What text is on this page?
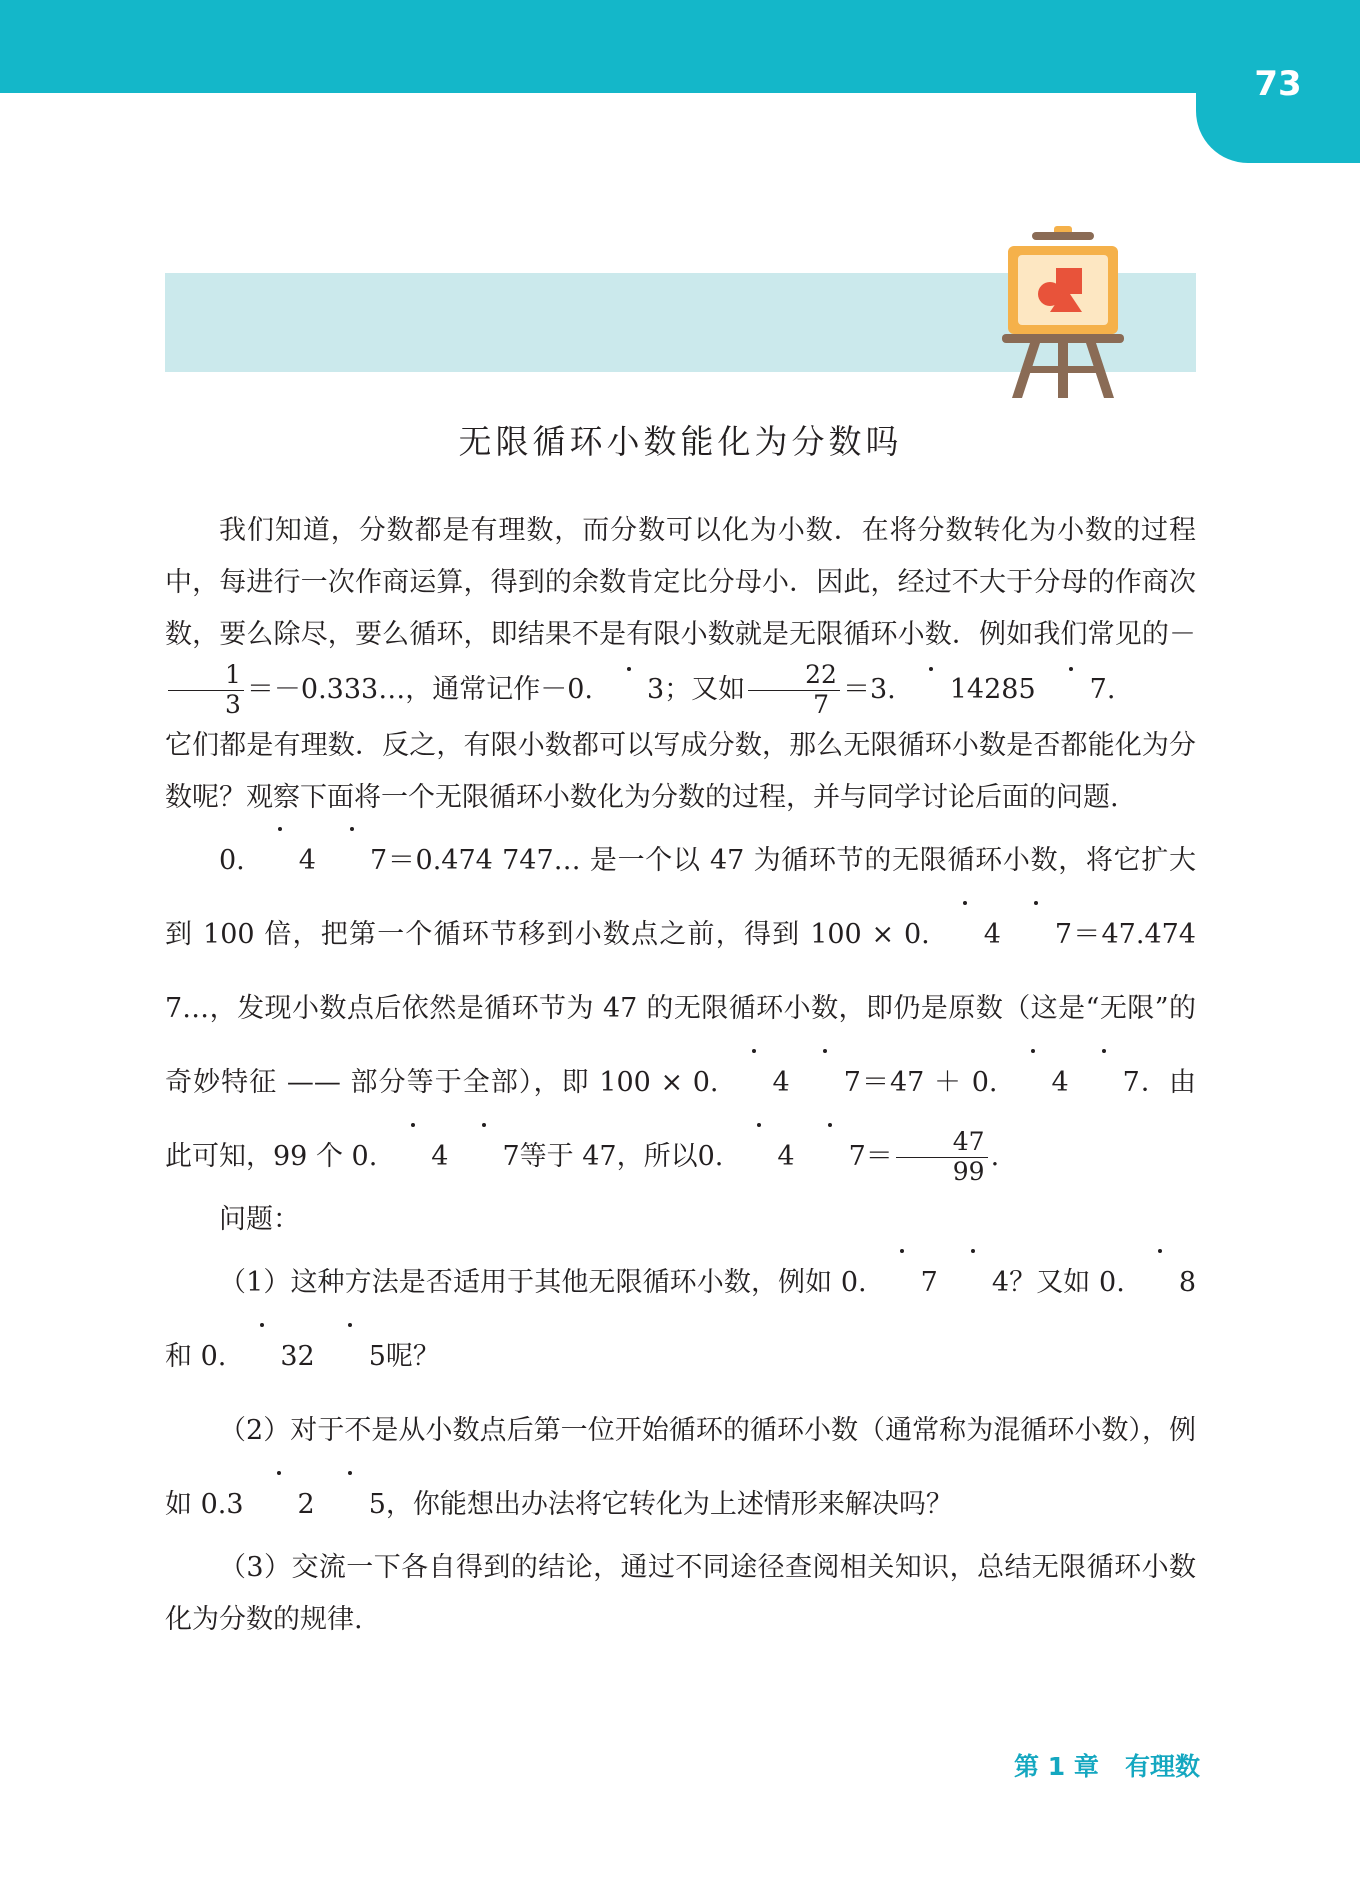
73
无限循环小数能化为分数吗

我们知道，分数都是有理数，而分数可以化为小数．在将分数转化为小数的过程中，每进行一次作商运算，得到的余数肯定比分母小．因此，经过不大于分母的作商次数，要么除尽，要么循环，即结果不是有限小数就是无限循环小数．例如我们常见的－
$\frac{1}{3}$ ＝－0.333…，通常记作－0. 3；又如 $\frac{22}{7} =3$. 14285 7.

它们都是有理数．反之，有限小数都可以写成分数，那么无限循环小数是否都能化为分数呢？观察下面将一个无限循环小数化为分数的过程，并与同学讨论后面的问题.

0. 4 7＝0.474 747… 是一个以 47 为循环节的无限循环小数，将它扩大到 100 倍，把第一个循环节移到小数点之前，得到 100 × 0. 4 7＝47.474 7…，发现小数点后依然是循环节为 47 的无限循环小数，即仍是原数（这是“无限”的奇妙特征 —— 部分等于全部），即 100 × 0. 4 7＝47 ＋ 0. 4 7．由此可知，99 个 0. 4 7等于 47，所以0. 4 $7= \frac{47}{99}$ .

问题：

（1）这种方法是否适用于其他无限循环小数，例如 0. 7 4？又如 0. 8和 0. 32 5呢？

（2）对于不是从小数点后第一位开始循环的循环小数（通常称为混循环小数），例如 0.3 2 5，你能想出办法将它转化为上述情形来解决吗？

（3）交流一下各自得到的结论，通过不同途径查阅相关知识，总结无限循环小数化为分数的规律.

第 1 章 有理数
